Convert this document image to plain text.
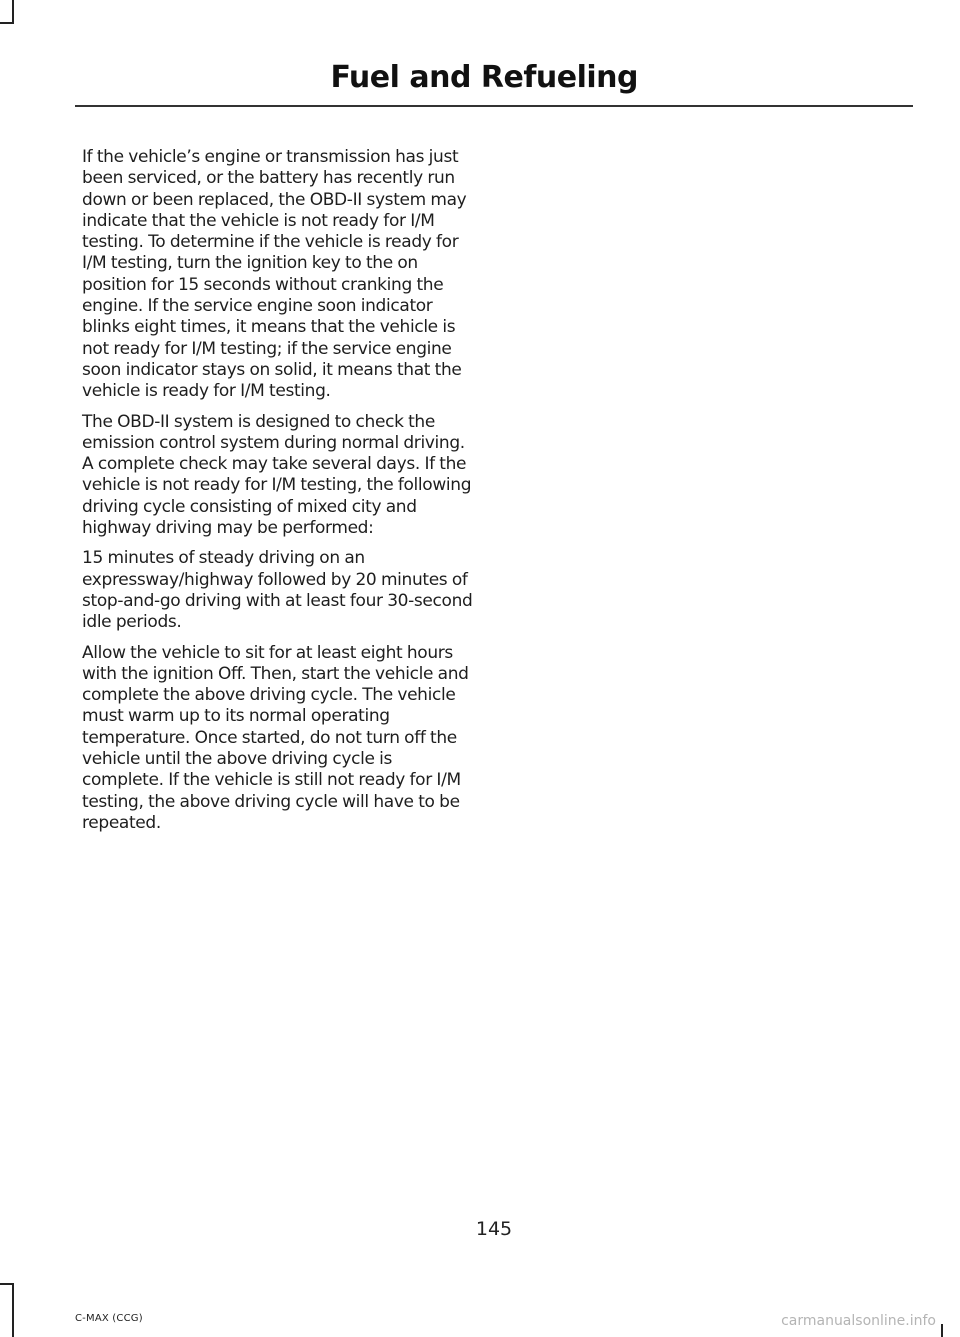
Fuel and Refueling

If the vehicle’s engine or transmission has just been serviced, or the battery has recently run down or been replaced, the OBD-II system may indicate that the vehicle is not ready for I/M testing. To determine if the vehicle is ready for I/M testing, turn the ignition key to the on position for 15 seconds without cranking the engine. If the service engine soon indicator blinks eight times, it means that the vehicle is not ready for I/M testing; if the service engine soon indicator stays on solid, it means that the vehicle is ready for I/M testing.

The OBD-II system is designed to check the emission control system during normal driving. A complete check may take several days. If the vehicle is not ready for I/M testing, the following driving cycle consisting of mixed city and highway driving may be performed:

15 minutes of steady driving on an expressway/highway followed by 20 minutes of stop-and-go driving with at least four 30-second idle periods.

Allow the vehicle to sit for at least eight hours with the ignition Off. Then, start the vehicle and complete the above driving cycle. The vehicle must warm up to its normal operating temperature. Once started, do not turn off the vehicle until the above driving cycle is complete. If the vehicle is still not ready for I/M testing, the above driving cycle will have to be repeated.

145
C-MAX (CCG)	carmanualsonline.info
